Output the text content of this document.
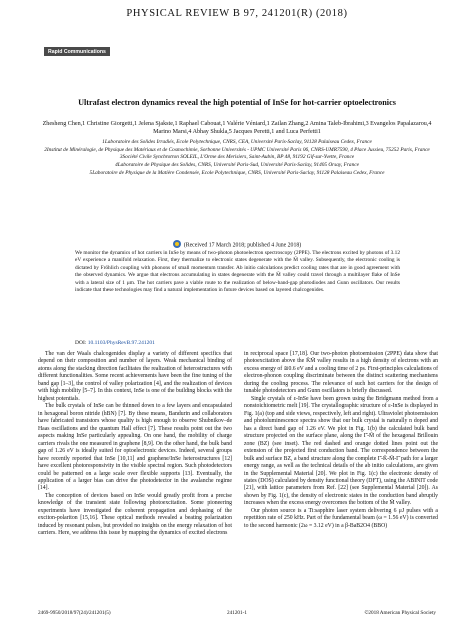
PHYSICAL REVIEW B 97, 241201(R) (2018)
Rapid Communications
Ultrafast electron dynamics reveal the high potential of InSe for hot-carrier optoelectronics
Zhesheng Chen,1 Christine Giorgetti,1 Jelena Sjakste,1 Raphael Cabouat,1 Valérie Véniard,1 Zailan Zhang,2 Amina Taleb-Ibrahimi,3 Evangelos Papalazarou,4 Marino Marsi,4 Abhay Shukla,5 Jacques Peretti,1 and Luca Perfetti1

1Laboratoire des Solides Irradiés, Ecole Polytechnique, CNRS, CEA, Université Paris-Saclay, 91128 Palaiseau Cedex, France

2Institut de Minéralogie, de Physique des Matériaux et de Cosmochimie, Sorbonne Universités - UPMC Université Paris 06, CNRS-UMR7590, 4 Place Jussieu, 75252 Paris, France

3Société Civile Synchrotron SOLEIL, L'Orme des Merisiers, Saint-Aubin, BP 48, 91192 Gif-sur-Yvette, France

4Laboratoire de Physique des Solides, CNRS, Université Paris-Sud, Université Paris-Saclay, 91405 Orsay, France

5Laboratoire de Physique de la Matière Condensée, Ecole Polytechnique, CNRS, Université Paris-Saclay, 91128 Palaiseau Cedex, France

(Received 17 March 2018; published 4 June 2018)
We monitor the dynamics of hot carriers in InSe by means of two-photon photoelectron spectroscopy (2PPE). The electrons excited by photons of 3.12 eV experience a manifold relaxation. First, they thermalize to electronic states degenerate with the M̄ valley. Subsequently, the electronic cooling is dictated by Fröhlich coupling with phonons of small momentum transfer. Ab initio calculations predict cooling rates that are in good agreement with the observed dynamics. We argue that electrons accumulating in states degenerate with the M̄ valley could travel through a multilayer flake of InSe with a lateral size of 1 μm. The hot carriers pave a viable route to the realization of below-band-gap photodiodes and Gunn oscillators. Our results indicate that these technologies may find a natural implementation in future devices based on layered chalcogenides.
DOI: 10.1103/PhysRevB.97.241201

The van der Waals chalcogenides display a variety of different specifics that depend on their composition and number of layers. Weak mechanical binding of atoms along the stacking direction facilitates the realization of heterostructures with different functionalities. Some recent achievements have been the fine tuning of the band gap [1–3], the control of valley polarization [4], and the realization of devices with high mobility [5–7]. In this context, InSe is one of the building blocks with the highest potentials.

The bulk crystals of InSe can be thinned down to a few layers and encapsulated in hexagonal boron nitride (hBN) [7]. By these means, Bandurin and collaborators have fabricated transistors whose quality is high enough to observe Shubnikov–de Haas oscillations and the quantum Hall effect [7]. These results point out the two aspects making InSe particularly appealing. On one hand, the mobility of charge carriers rivals the one measured in graphene [8,9]. On the other hand, the bulk band gap of 1.26 eV is ideally suited for optoelectronic devices. Indeed, several groups have recently reported that InSe [10,11] and graphene/InSe heterostructures [12] have excellent photoresponsivity in the visible spectral region. Such photodetectors could be patterned on a large scale over flexible supports [13]. Eventually, the application of a larger bias can drive the photodetector in the avalanche regime [14].

The conception of devices based on InSe would greatly profit from a precise knowledge of the transient state following photoexcitation. Some pioneering experiments have investigated the coherent propagation and dephasing of the exciton-polariton [15,16]. These optical methods revealed a beating polarization induced by resonant pulses, but provided no insights on the energy relaxation of hot carriers. Here, we address this issue by mapping the dynamics of excited electrons

in reciprocal space [17,18]. Our two-photon photoemission (2PPE) data show that photoexcitation above the K̄M̄ valley results in a high density of electrons with an excess energy of ≅0.6 eV and a cooling time of 2 ps. First-principles calculations of electron-phonon coupling discriminate between the distinct scattering mechanisms during the cooling process. The relevance of such hot carriers for the design of tunable photodetectors and Gunn oscillators is briefly discussed.

Single crystals of ε-InSe have been grown using the Bridgmann method from a nonstoichiometric melt [19]. The crystallographic structure of ε-InSe is displayed in Fig. 1(a) (top and side views, respectively, left and right). Ultraviolet photoemission and photoluminescence spectra show that our bulk crystal is naturally n doped and has a direct band gap of 1.26 eV. We plot in Fig. 1(b) the calculated bulk band structure projected on the surface plane, along the Γ̄-M̄ of the hexagonal Brillouin zone (BZ) (see inset). The red dashed and orange dotted lines point out the extension of the projected first conduction band. The correspondence between the bulk and surface BZ, a band structure along the complete Γ̄-K̄-M̄-Γ̄ path for a larger energy range, as well as the technical details of the ab initio calculations, are given in the Supplemental Material [20]. We plot in Fig. 1(c) the electronic density of states (DOS) calculated by density functional theory (DFT), using the ABINIT code [21], with lattice parameters from Ref. [22] (see Supplemental Material [20]). As shown by Fig. 1(c), the density of electronic states in the conduction band abruptly increases when the excess energy overcomes the bottom of the M̄ valley.

Our photon source is a Ti:sapphire laser system delivering 6 μJ pulses with a repetition rate of 250 kHz. Part of the fundamental beam (ω = 1.56 eV) is converted to the second harmonic (2ω = 3.12 eV) in a β-BaB2O4 (BBO)

2469-9950/2018/97(24)/241201(5)	241201-1	©2018 American Physical Society
